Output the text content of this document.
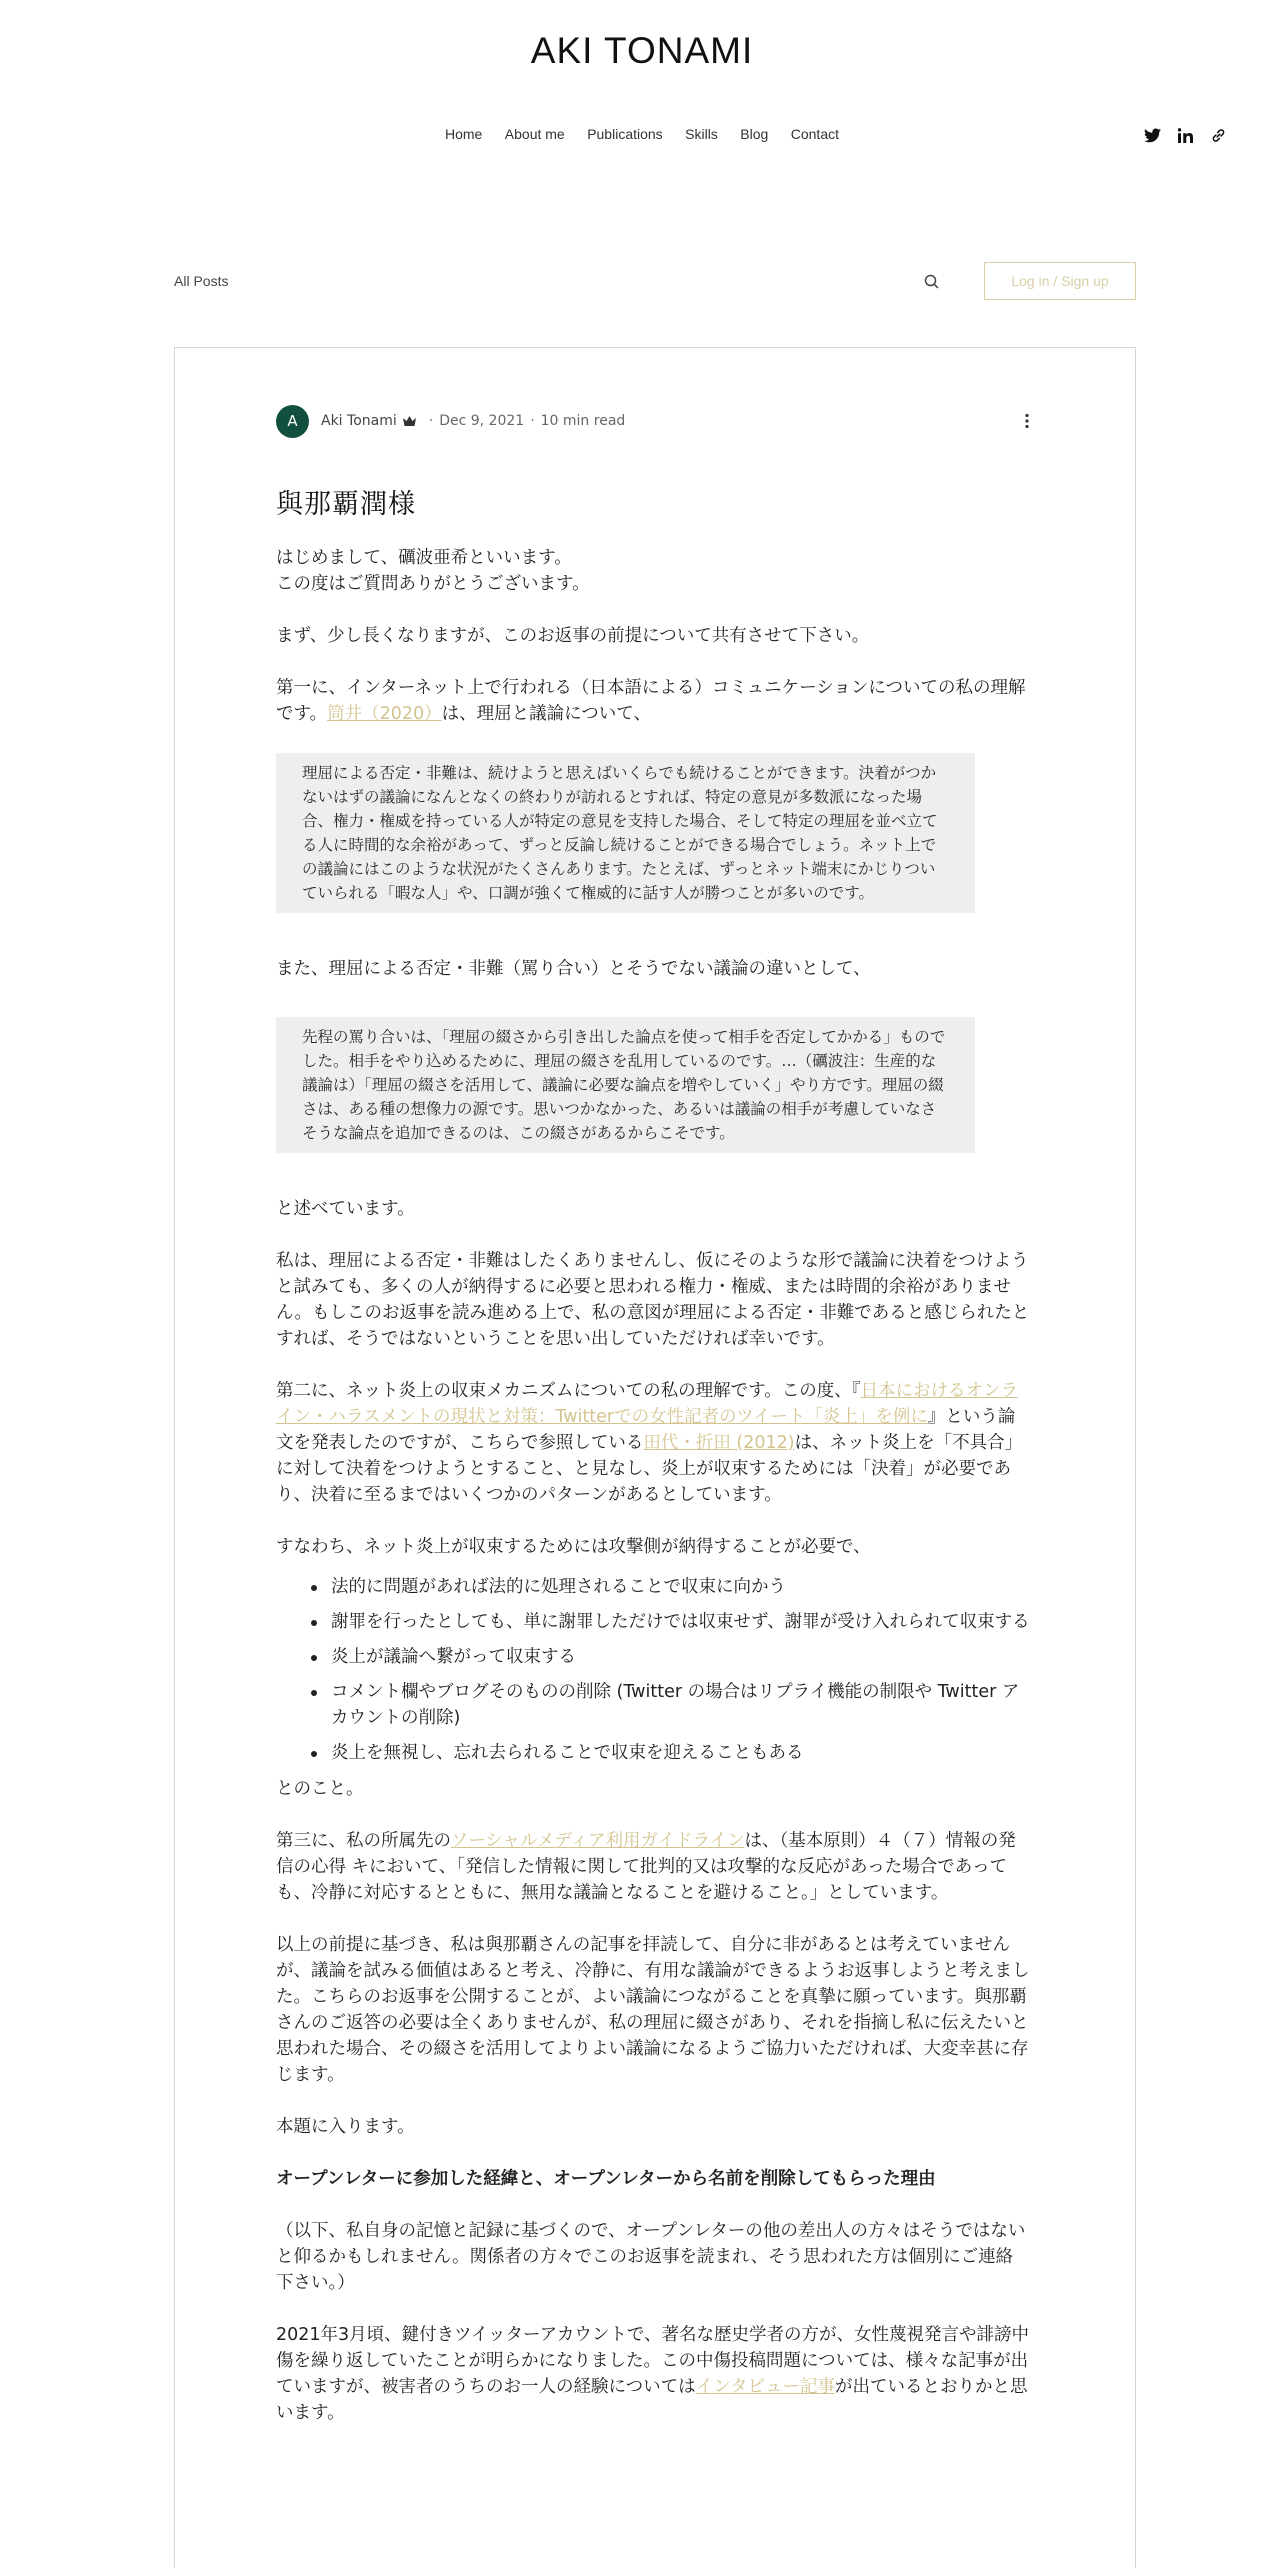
AKI TONAMI
Home About me Publications Skills Blog Contact
All Posts	Log in / Sign up
A	Aki Tonami · Dec 9, 2021 · 10 min read
與那覇潤様

はじめまして、礪波亜希といいます。
この度はご質問ありがとうございます。

まず、少し長くなりますが、このお返事の前提について共有させて下さい。

第一に、インターネット上で行われる（日本語による）コミュニケーションについての私の理解です。筒井（2020）は、理屈と議論について、

理屈による否定・非難は、続けようと思えばいくらでも続けることができます。決着がつかないはずの議論になんとなくの終わりが訪れるとすれば、特定の意見が多数派になった場合、権力・権威を持っている人が特定の意見を支持した場合、そして特定の理屈を並べ立てる人に時間的な余裕があって、ずっと反論し続けることができる場合でしょう。ネット上での議論にはこのような状況がたくさんあります。たとえば、ずっとネット端末にかじりついていられる「暇な人」や、口調が強くて権威的に話す人が勝つことが多いのです。

また、理屈による否定・非難（罵り合い）とそうでない議論の違いとして、

先程の罵り合いは、「理屈の綴さから引き出した論点を使って相手を否定してかかる」ものでした。相手をやり込めるために、理屈の綴さを乱用しているのです。…（礪波注：生産的な議論は）「理屈の綴さを活用して、議論に必要な論点を増やしていく」やり方です。理屈の綴さは、ある種の想像力の源です。思いつかなかった、あるいは議論の相手が考慮していなさそうな論点を追加できるのは、この綴さがあるからこそです。

と述べています。

私は、理屈による否定・非難はしたくありませんし、仮にそのような形で議論に決着をつけようと試みても、多くの人が納得するに必要と思われる権力・権威、または時間的余裕がありません。もしこのお返事を読み進める上で、私の意図が理屈による否定・非難であると感じられたとすれば、そうではないということを思い出していただければ幸いです。

第二に、ネット炎上の収束メカニズムについての私の理解です。この度、『日本におけるオンライン・ハラスメントの現状と対策：Twitterでの女性記者のツイート「炎上」を例に』という論文を発表したのですが、こちらで参照している田代・折田 (2012)は、ネット炎上を「不具合」に対して決着をつけようとすること、と見なし、炎上が収束するためには「決着」が必要であり、決着に至るまではいくつかのパターンがあるとしています。

すなわち、ネット炎上が収束するためには攻撃側が納得することが必要で、

法的に問題があれば法的に処理されることで収束に向かう
謝罪を行ったとしても、単に謝罪しただけでは収束せず、謝罪が受け入れられて収束する
炎上が議論へ繋がって収束する
コメント欄やブログそのものの削除 (Twitter の場合はリプライ機能の制限や Twitter アカウントの削除)
炎上を無視し、忘れ去られることで収束を迎えることもある

とのこと。

第三に、私の所属先のソーシャルメディア利用ガイドラインは、（基本原則）４（７）情報の発信の心得 キにおいて、「発信した情報に関して批判的又は攻撃的な反応があった場合であっても、冷静に対応するとともに、無用な議論となることを避けること。」としています。

以上の前提に基づき、私は與那覇さんの記事を拝読して、自分に非があるとは考えていませんが、議論を試みる価値はあると考え、冷静に、有用な議論ができるようお返事しようと考えました。こちらのお返事を公開することが、よい議論につながることを真摯に願っています。與那覇さんのご返答の必要は全くありませんが、私の理屈に綴さがあり、それを指摘し私に伝えたいと思われた場合、その綴さを活用してよりよい議論になるようご協力いただければ、大変幸甚に存じます。

本題に入ります。

オープンレターに参加した経緯と、オープンレターから名前を削除してもらった理由

（以下、私自身の記憶と記録に基づくので、オープンレターの他の差出人の方々はそうではないと仰るかもしれません。関係者の方々でこのお返事を読まれ、そう思われた方は個別にご連絡下さい。）

2021年3月頃、鍵付きツイッターアカウントで、著名な歴史学者の方が、女性蔑視発言や誹謗中傷を繰り返していたことが明らかになりました。この中傷投稿問題については、様々な記事が出ていますが、被害者のうちのお一人の経験についてはインタビュー記事が出ているとおりかと思います。
